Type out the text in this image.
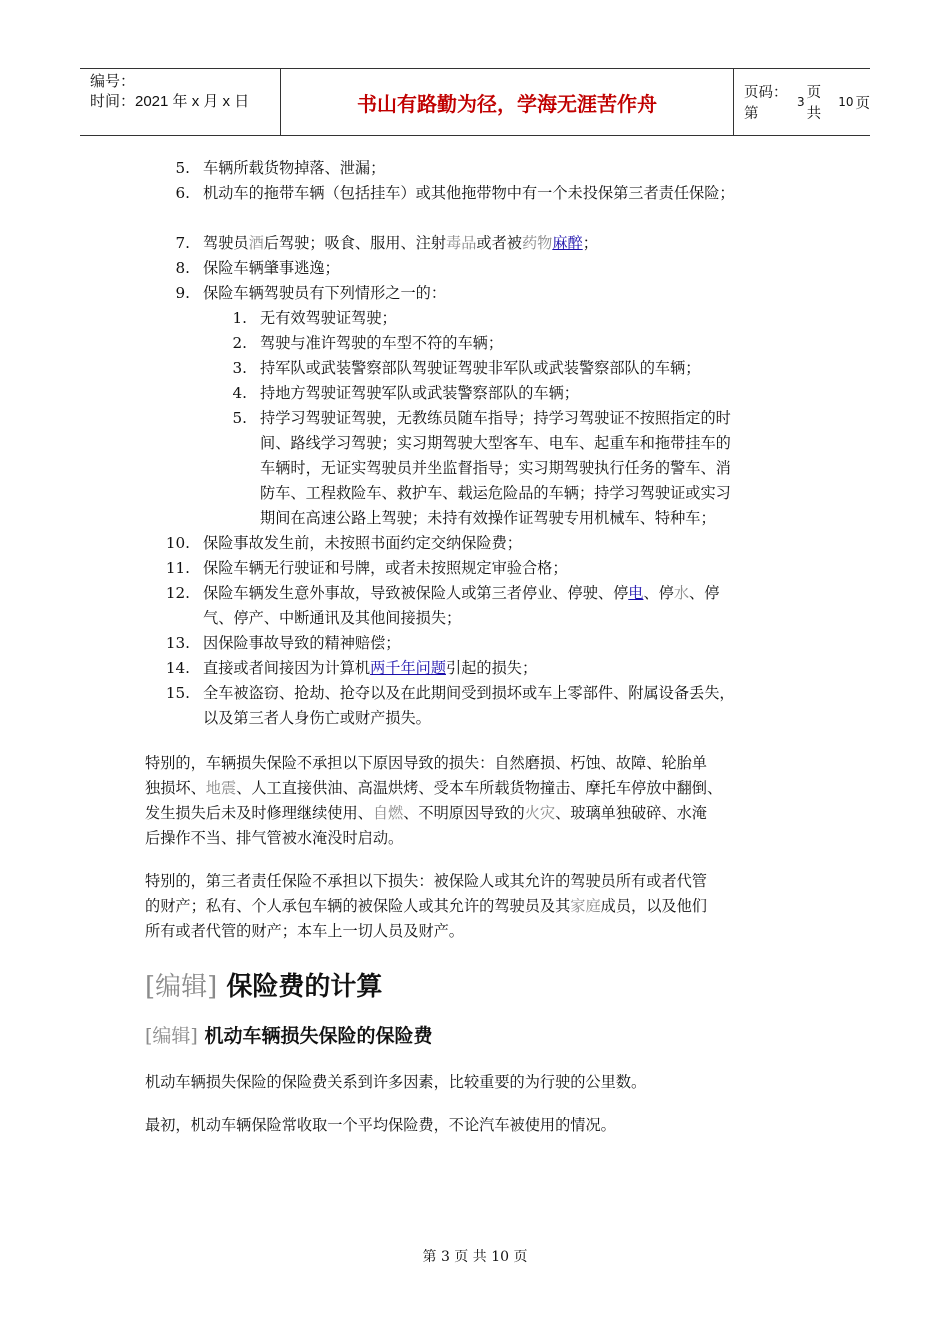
编号：
时间：2021 年 x 月 x 日	书山有路勤为径，学海无涯苦作舟	页码：第
3
页 共
10 页
5. 车辆所载货物掉落、泄漏；
6. 机动车的拖带车辆（包括挂车）或其他拖带物中有一个未投保第三者责任保险；
7. 驾驶员酒后驾驶；吸食、服用、注射毒品或者被药物麻醉；
8. 保险车辆肇事逃逸；
9. 保险车辆驾驶员有下列情形之一的：
1. 无有效驾驶证驾驶；
2. 驾驶与准许驾驶的车型不符的车辆；
3. 持军队或武装警察部队驾驶证驾驶非军队或武装警察部队的车辆；
4. 持地方驾驶证驾驶军队或武装警察部队的车辆；
5. 持学习驾驶证驾驶，无教练员随车指导；持学习驾驶证不按照指定的时
间、路线学习驾驶；实习期驾驶大型客车、电车、起重车和拖带挂车的
车辆时，无证实驾驶员并坐监督指导；实习期驾驶执行任务的警车、消
防车、工程救险车、救护车、载运危险品的车辆；持学习驾驶证或实习
期间在高速公路上驾驶；未持有效操作证驾驶专用机械车、特种车；
10. 保险事故发生前，未按照书面约定交纳保险费；
11. 保险车辆无行驶证和号牌，或者未按照规定审验合格；
12. 保险车辆发生意外事故，导致被保险人或第三者停业、停驶、停电、停水、停
气、停产、中断通讯及其他间接损失；
13. 因保险事故导致的精神赔偿；
14. 直接或者间接因为计算机两千年问题引起的损失；
15. 全车被盗窃、抢劫、抢夺以及在此期间受到损坏或车上零部件、附属设备丢失，
以及第三者人身伤亡或财产损失。
特别的，车辆损失保险不承担以下原因导致的损失：自然磨损、朽蚀、故障、轮胎单
独损坏、地震、人工直接供油、高温烘烤、受本车所载货物撞击、摩托车停放中翻倒、
发生损失后未及时修理继续使用、自燃、不明原因导致的火灾、玻璃单独破碎、水淹
后操作不当、排气管被水淹没时启动。
特别的，第三者责任保险不承担以下损失：被保险人或其允许的驾驶员所有或者代管
的财产；私有、个人承包车辆的被保险人或其允许的驾驶员及其家庭成员，以及他们
所有或者代管的财产；本车上一切人员及财产。
[编辑] 保险费的计算
[编辑] 机动车辆损失保险的保险费
机动车辆损失保险的保险费关系到许多因素，比较重要的为行驶的公里数。
最初，机动车辆保险常收取一个平均保险费，不论汽车被使用的情况。
第 3 页 共 10 页
